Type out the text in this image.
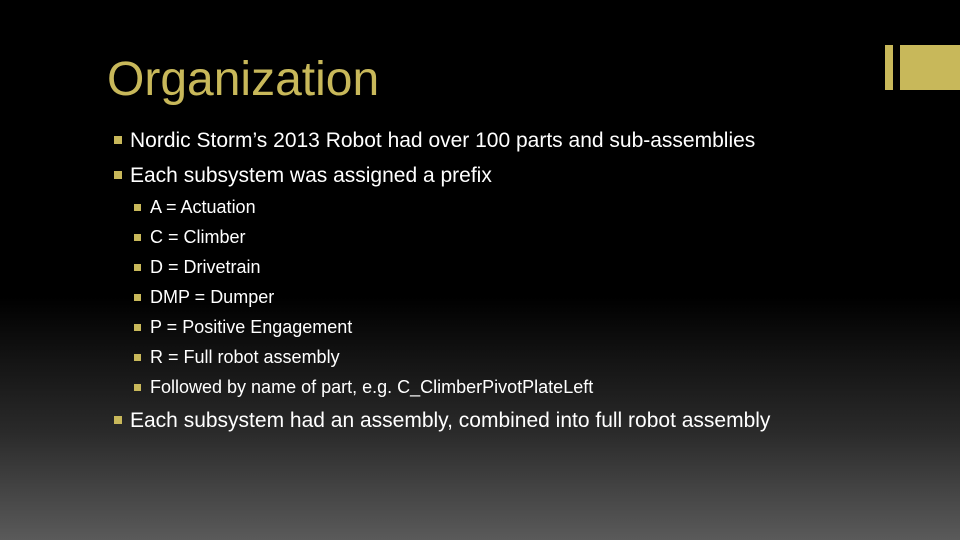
Organization
Nordic Storm’s 2013 Robot had over 100 parts and sub-assemblies
Each subsystem was assigned a prefix
A = Actuation
C = Climber
D = Drivetrain
DMP = Dumper
P = Positive Engagement
R = Full robot assembly
Followed by name of part, e.g. C_ClimberPivotPlateLeft
Each subsystem had an assembly, combined into full robot assembly
